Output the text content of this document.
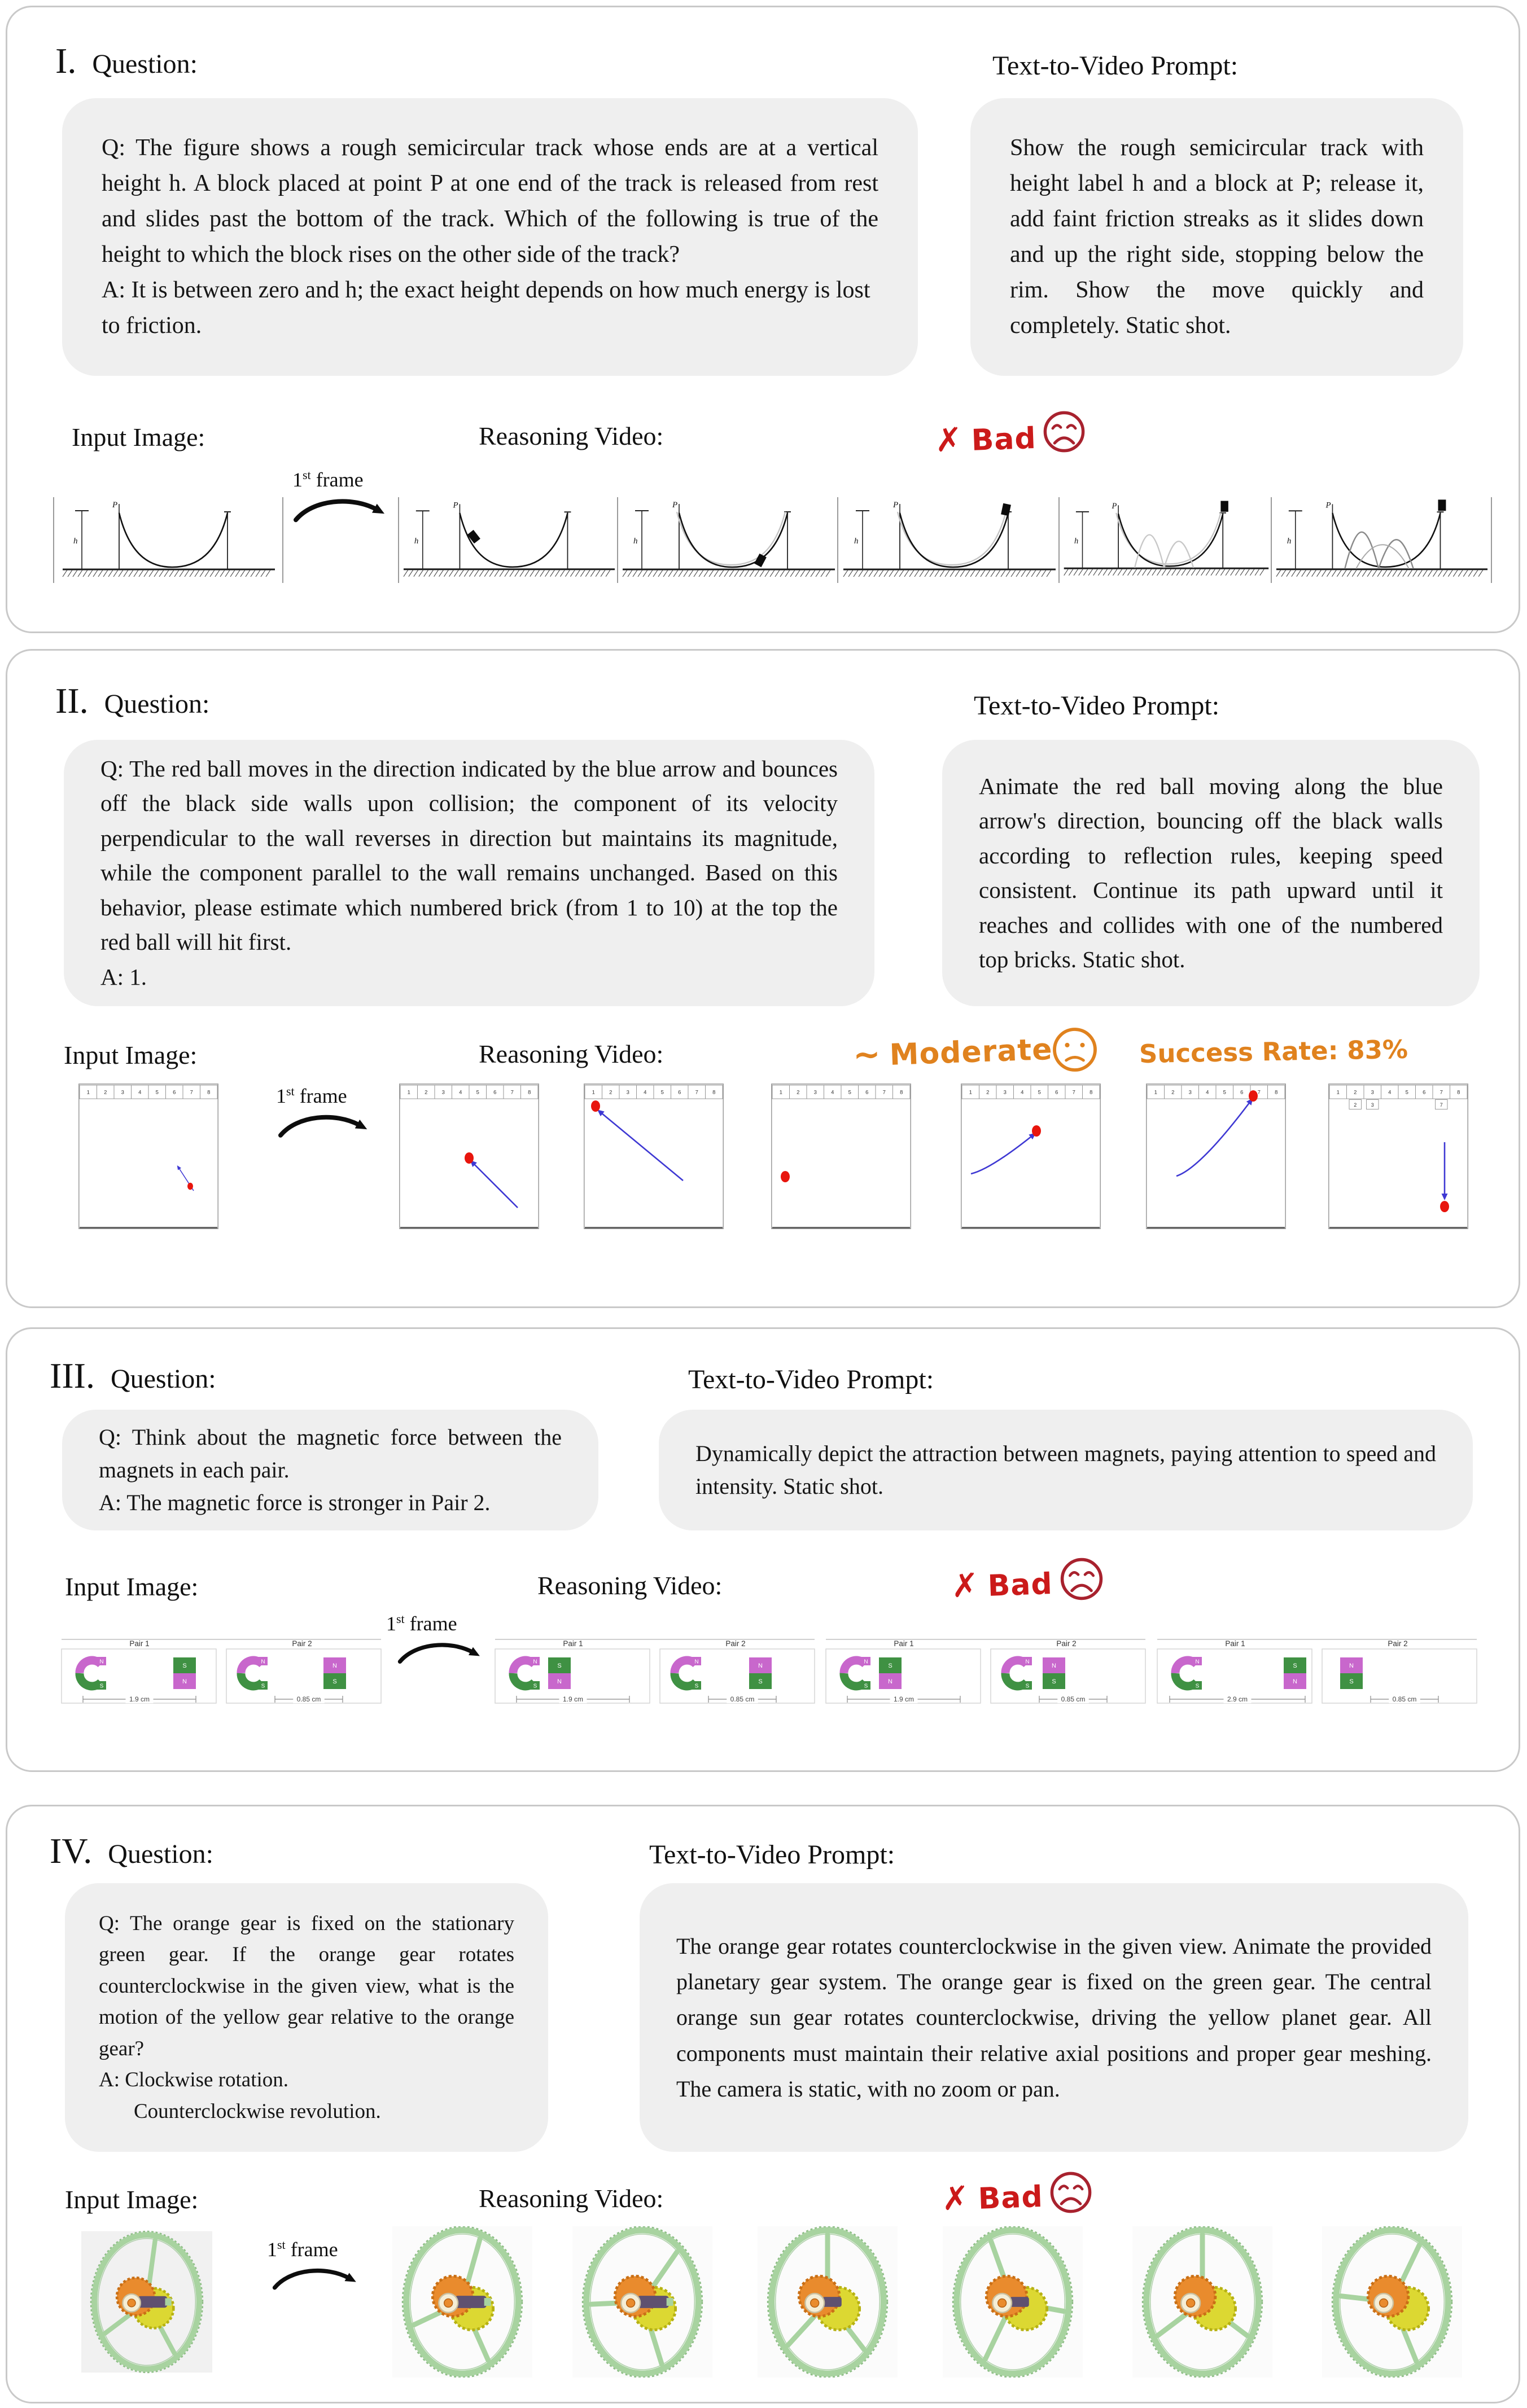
I. Question:	Text-to-Video Prompt:
Q: The figure shows a rough semicircular track whose ends are at a vertical height h. A block placed at point P at one end of the track is released from rest and slides past the bottom of the track. Which of the following is true of the height to which the block rises on the other side of the track?
A: It is between zero and h; the exact height depends on how much energy is lost to friction.
Show the rough semicircular track with height label h and a block at P; release it, add faint friction streaks as it slides down and up the right side, stopping below the rim. Show the move quickly and completely. Static shot.
Input Image:	Reasoning Video:	✗ Bad
1st frame
h
P
h
P
h
P
h
P
h
P
h
P
II. Question:	Text-to-Video Prompt:
Q: The red ball moves in the direction indicated by the blue arrow and bounces off the black side walls upon collision; the component of its velocity perpendicular to the wall reverses in direction but maintains its magnitude, while the component parallel to the wall remains unchanged. Based on this behavior, please estimate which numbered brick (from 1 to 10) at the top the red ball will hit first.
A: 1.
Animate the red ball moving along the blue arrow's direction, bouncing off the black walls according to reflection rules, keeping speed consistent. Continue its path upward until it reaches and collides with one of the numbered top bricks. Static shot.
Input Image:	Reasoning Video:	~ Moderate	Success Rate: 83%
1st frame
1	2	3	4	5	6	7	8	1	2	3	4	5	6	7	8	1	2	3	4	5	6	7	8	1	2	3	4	5	6	7	8	1	2	3	4	5	6	7	8	1	2	3	4	5	6	7	8	1	2	3	4	5	6	7	8
2	3	7
III. Question:	Text-to-Video Prompt:
Q: Think about the magnetic force between the magnets in each pair.
A: The magnetic force is stronger in Pair 2.
Dynamically depict the attraction between magnets, paying attention to speed and intensity. Static shot.
Input Image:	Reasoning Video:	✗ Bad
1st frame
Pair 1	Pair 2
N
S
S
N
1.9 cm
N
S
N
S
0.85 cm
Pair 1	Pair 2
N
S
S
N
1.9 cm
N
S
N
S
0.85 cm
Pair 1	Pair 2
N
S
S
N
1.9 cm
N
S
N
S
0.85 cm
Pair 1	Pair 2
N
S
S
N
2.9 cm
N
S
0.85 cm
IV. Question:	Text-to-Video Prompt:
Q: The orange gear is fixed on the stationary green gear. If the orange gear rotates counterclockwise in the given view, what is the motion of the yellow gear relative to the orange gear?
A: Clockwise rotation.
Counterclockwise revolution.
The orange gear rotates counterclockwise in the given view. Animate the provided planetary gear system. The orange gear is fixed on the green gear. The central orange sun gear rotates counterclockwise, driving the yellow planet gear. All components must maintain their relative axial positions and proper gear meshing. The camera is static, with no zoom or pan.
Input Image:	Reasoning Video:	✗ Bad
1st frame
